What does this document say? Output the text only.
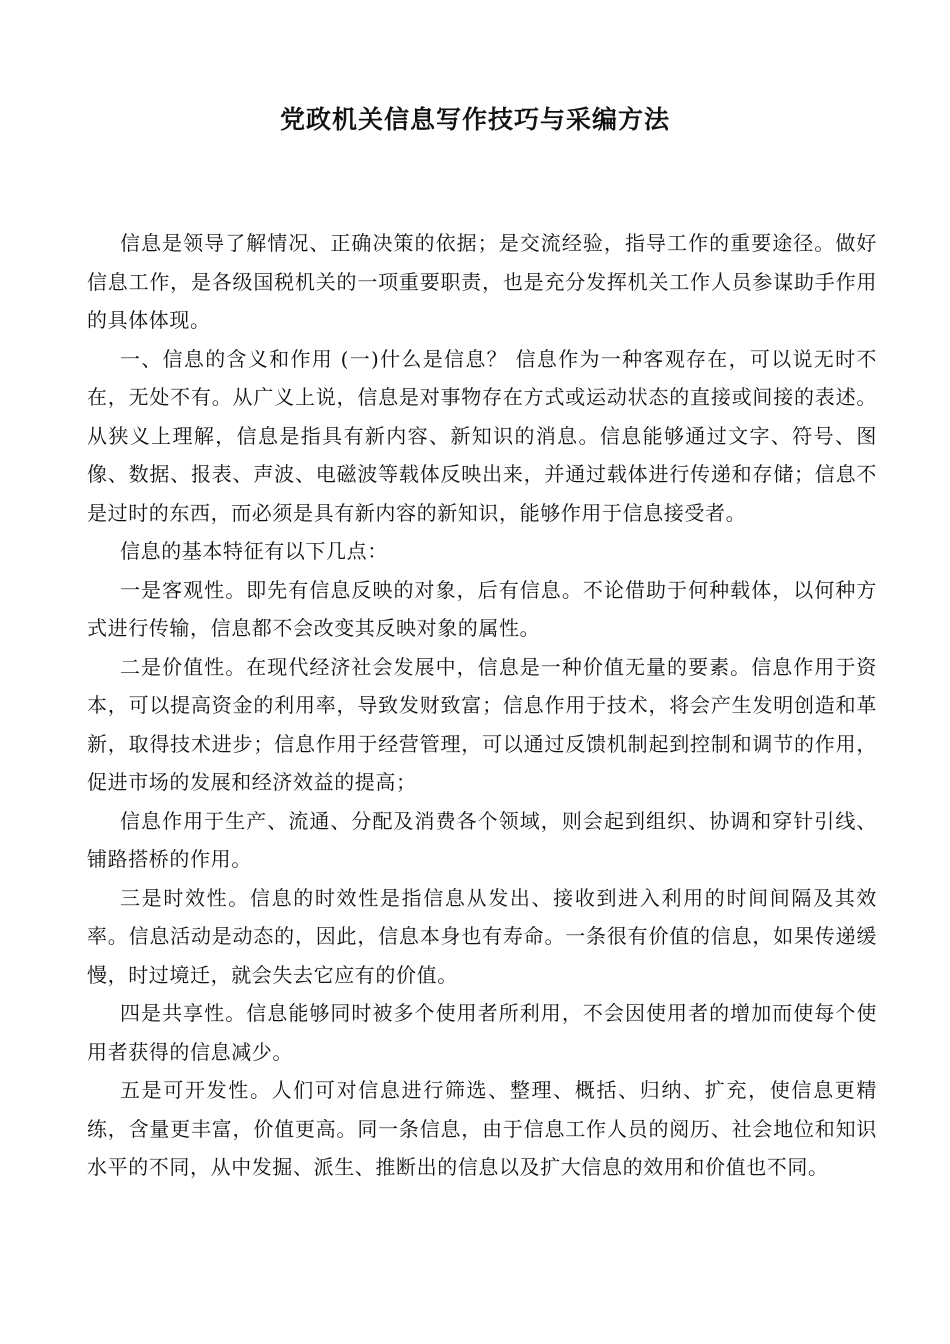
党政机关信息写作技巧与采编方法

信息是领导了解情况、正确决策的依据；是交流经验，指导工作的重要途径。做好信息工作，是各级国税机关的一项重要职责，也是充分发挥机关工作人员参谋助手作用的具体体现。

一、信息的含义和作用 (一)什么是信息？ 信息作为一种客观存在，可以说无时不在，无处不有。从广义上说，信息是对事物存在方式或运动状态的直接或间接的表述。从狭义上理解，信息是指具有新内容、新知识的消息。信息能够通过文字、符号、图像、数据、报表、声波、电磁波等载体反映出来，并通过载体进行传递和存储；信息不是过时的东西，而必须是具有新内容的新知识，能够作用于信息接受者。

信息的基本特征有以下几点：

一是客观性。即先有信息反映的对象，后有信息。不论借助于何种载体，以何种方式进行传输，信息都不会改变其反映对象的属性。

二是价值性。在现代经济社会发展中，信息是一种价值无量的要素。信息作用于资本，可以提高资金的利用率，导致发财致富；信息作用于技术，将会产生发明创造和革新，取得技术进步；信息作用于经营管理，可以通过反馈机制起到控制和调节的作用，促进市场的发展和经济效益的提高；

信息作用于生产、流通、分配及消费各个领域，则会起到组织、协调和穿针引线、铺路搭桥的作用。

三是时效性。信息的时效性是指信息从发出、接收到进入利用的时间间隔及其效率。信息活动是动态的，因此，信息本身也有寿命。一条很有价值的信息，如果传递缓慢，时过境迁，就会失去它应有的价值。

四是共享性。信息能够同时被多个使用者所利用，不会因使用者的增加而使每个使用者获得的信息减少。

五是可开发性。人们可对信息进行筛选、整理、概括、归纳、扩充，使信息更精练，含量更丰富，价值更高。同一条信息，由于信息工作人员的阅历、社会地位和知识水平的不同，从中发掘、派生、推断出的信息以及扩大信息的效用和价值也不同。
